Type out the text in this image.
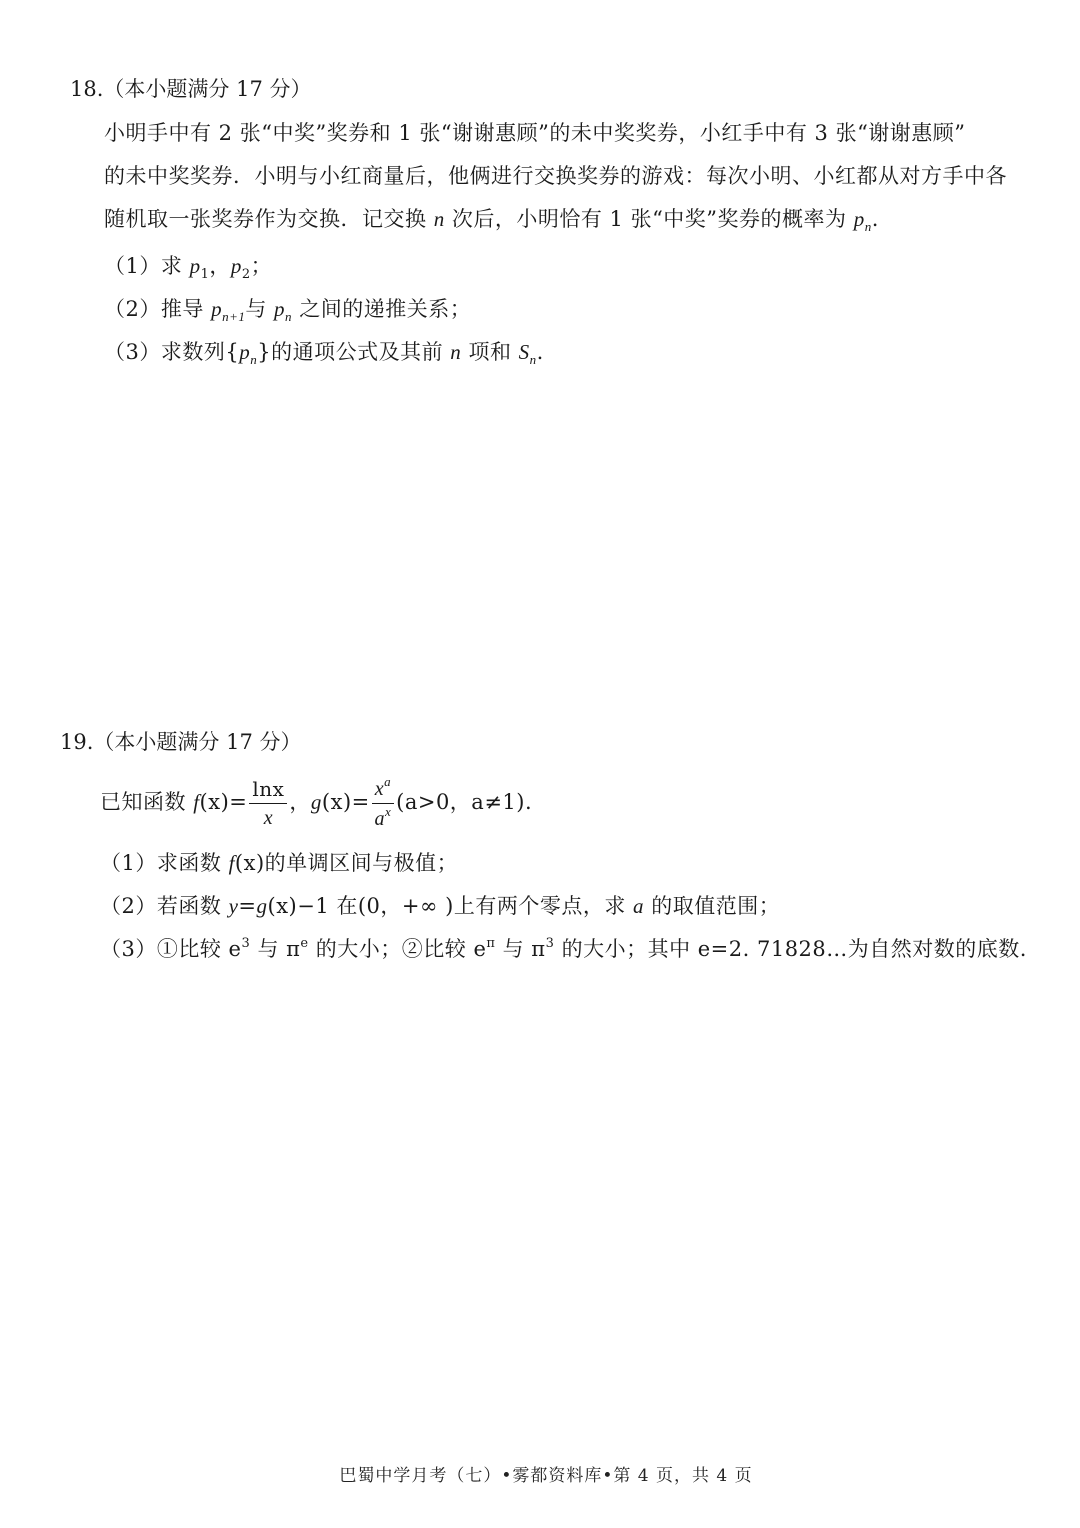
18.（本小题满分 17 分）
小明手中有 2 张“中奖”奖券和 1 张“谢谢惠顾”的未中奖奖券，小红手中有 3 张“谢谢惠顾”
的未中奖奖券．小明与小红商量后，他俩进行交换奖券的游戏：每次小明、小红都从对方手中各
随机取一张奖券作为交换．记交换 n 次后，小明恰有 1 张“中奖”奖券的概率为 $p_n$.
（1）求 $p_1$，$p_2$；
（2）推导 $p_{n+1}$与 $p_n$ 之间的递推关系；
（3）求数列$\{p_n\}$的通项公式及其前 n 项和 $S_n$.
19.（本小题满分 17 分）
已知函数 $f(x)= \frac{\ln x}{x}$ ，$g(x)= \frac{x^a}{a^x} (a>0$，a≠1).
（1）求函数 f(x)的单调区间与极值；
（2）若函数 y=g(x)−1 在(0，+∞ )上有两个零点，求 a 的取值范围；
（3）①比较 $e^3$ 与 $\pi^e$ 的大小；②比较 $e^\pi$ 与 $\pi^3$ 的大小；其中 e=2. 71828…为自然对数的底数.
巴蜀中学月考（七）•雾都资料库•第 4 页，共 4 页
